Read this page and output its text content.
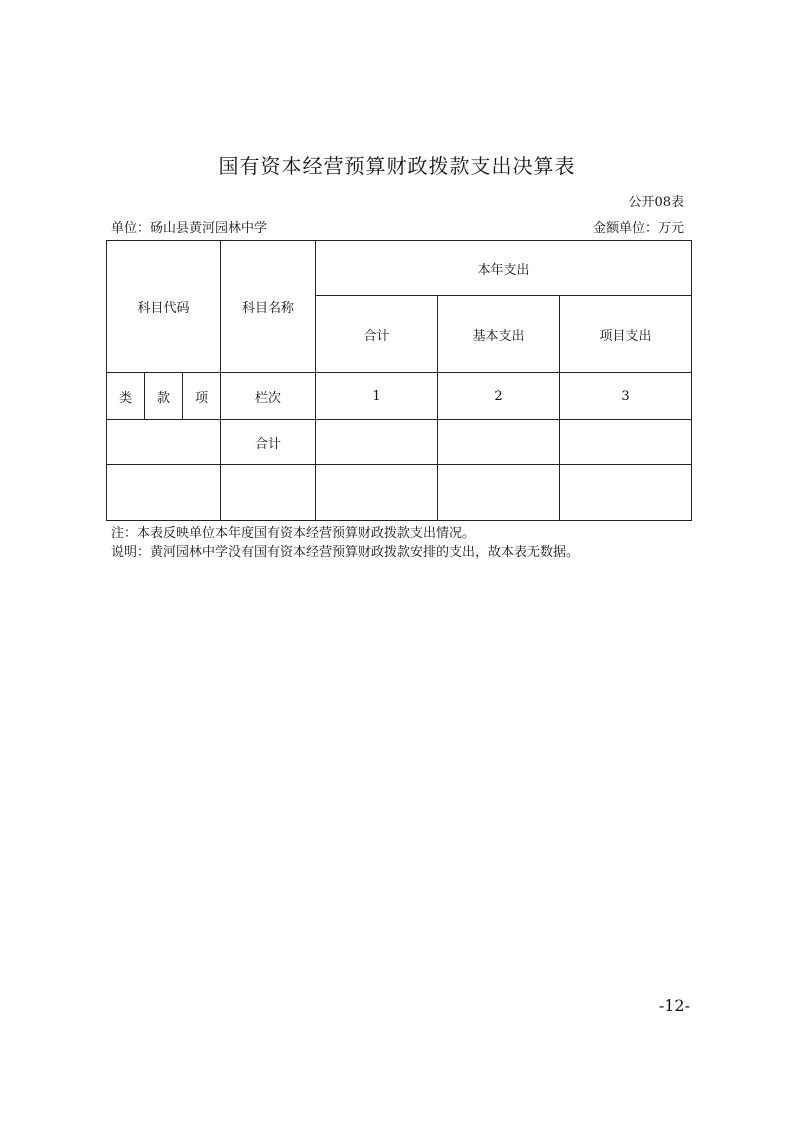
国有资本经营预算财政拨款支出决算表
公开08表
单位：砀山县黄河园林中学	金额单位：万元
科目代码			科目名称	本年支出		
				合计	基本支出	项目支出
类	款	项	栏次	1	2	3
			合计			

注：本表反映单位本年度国有资本经营预算财政拨款支出情况。
说明：黄河园林中学没有国有资本经营预算财政拨款安排的支出，故本表无数据。
-12-
